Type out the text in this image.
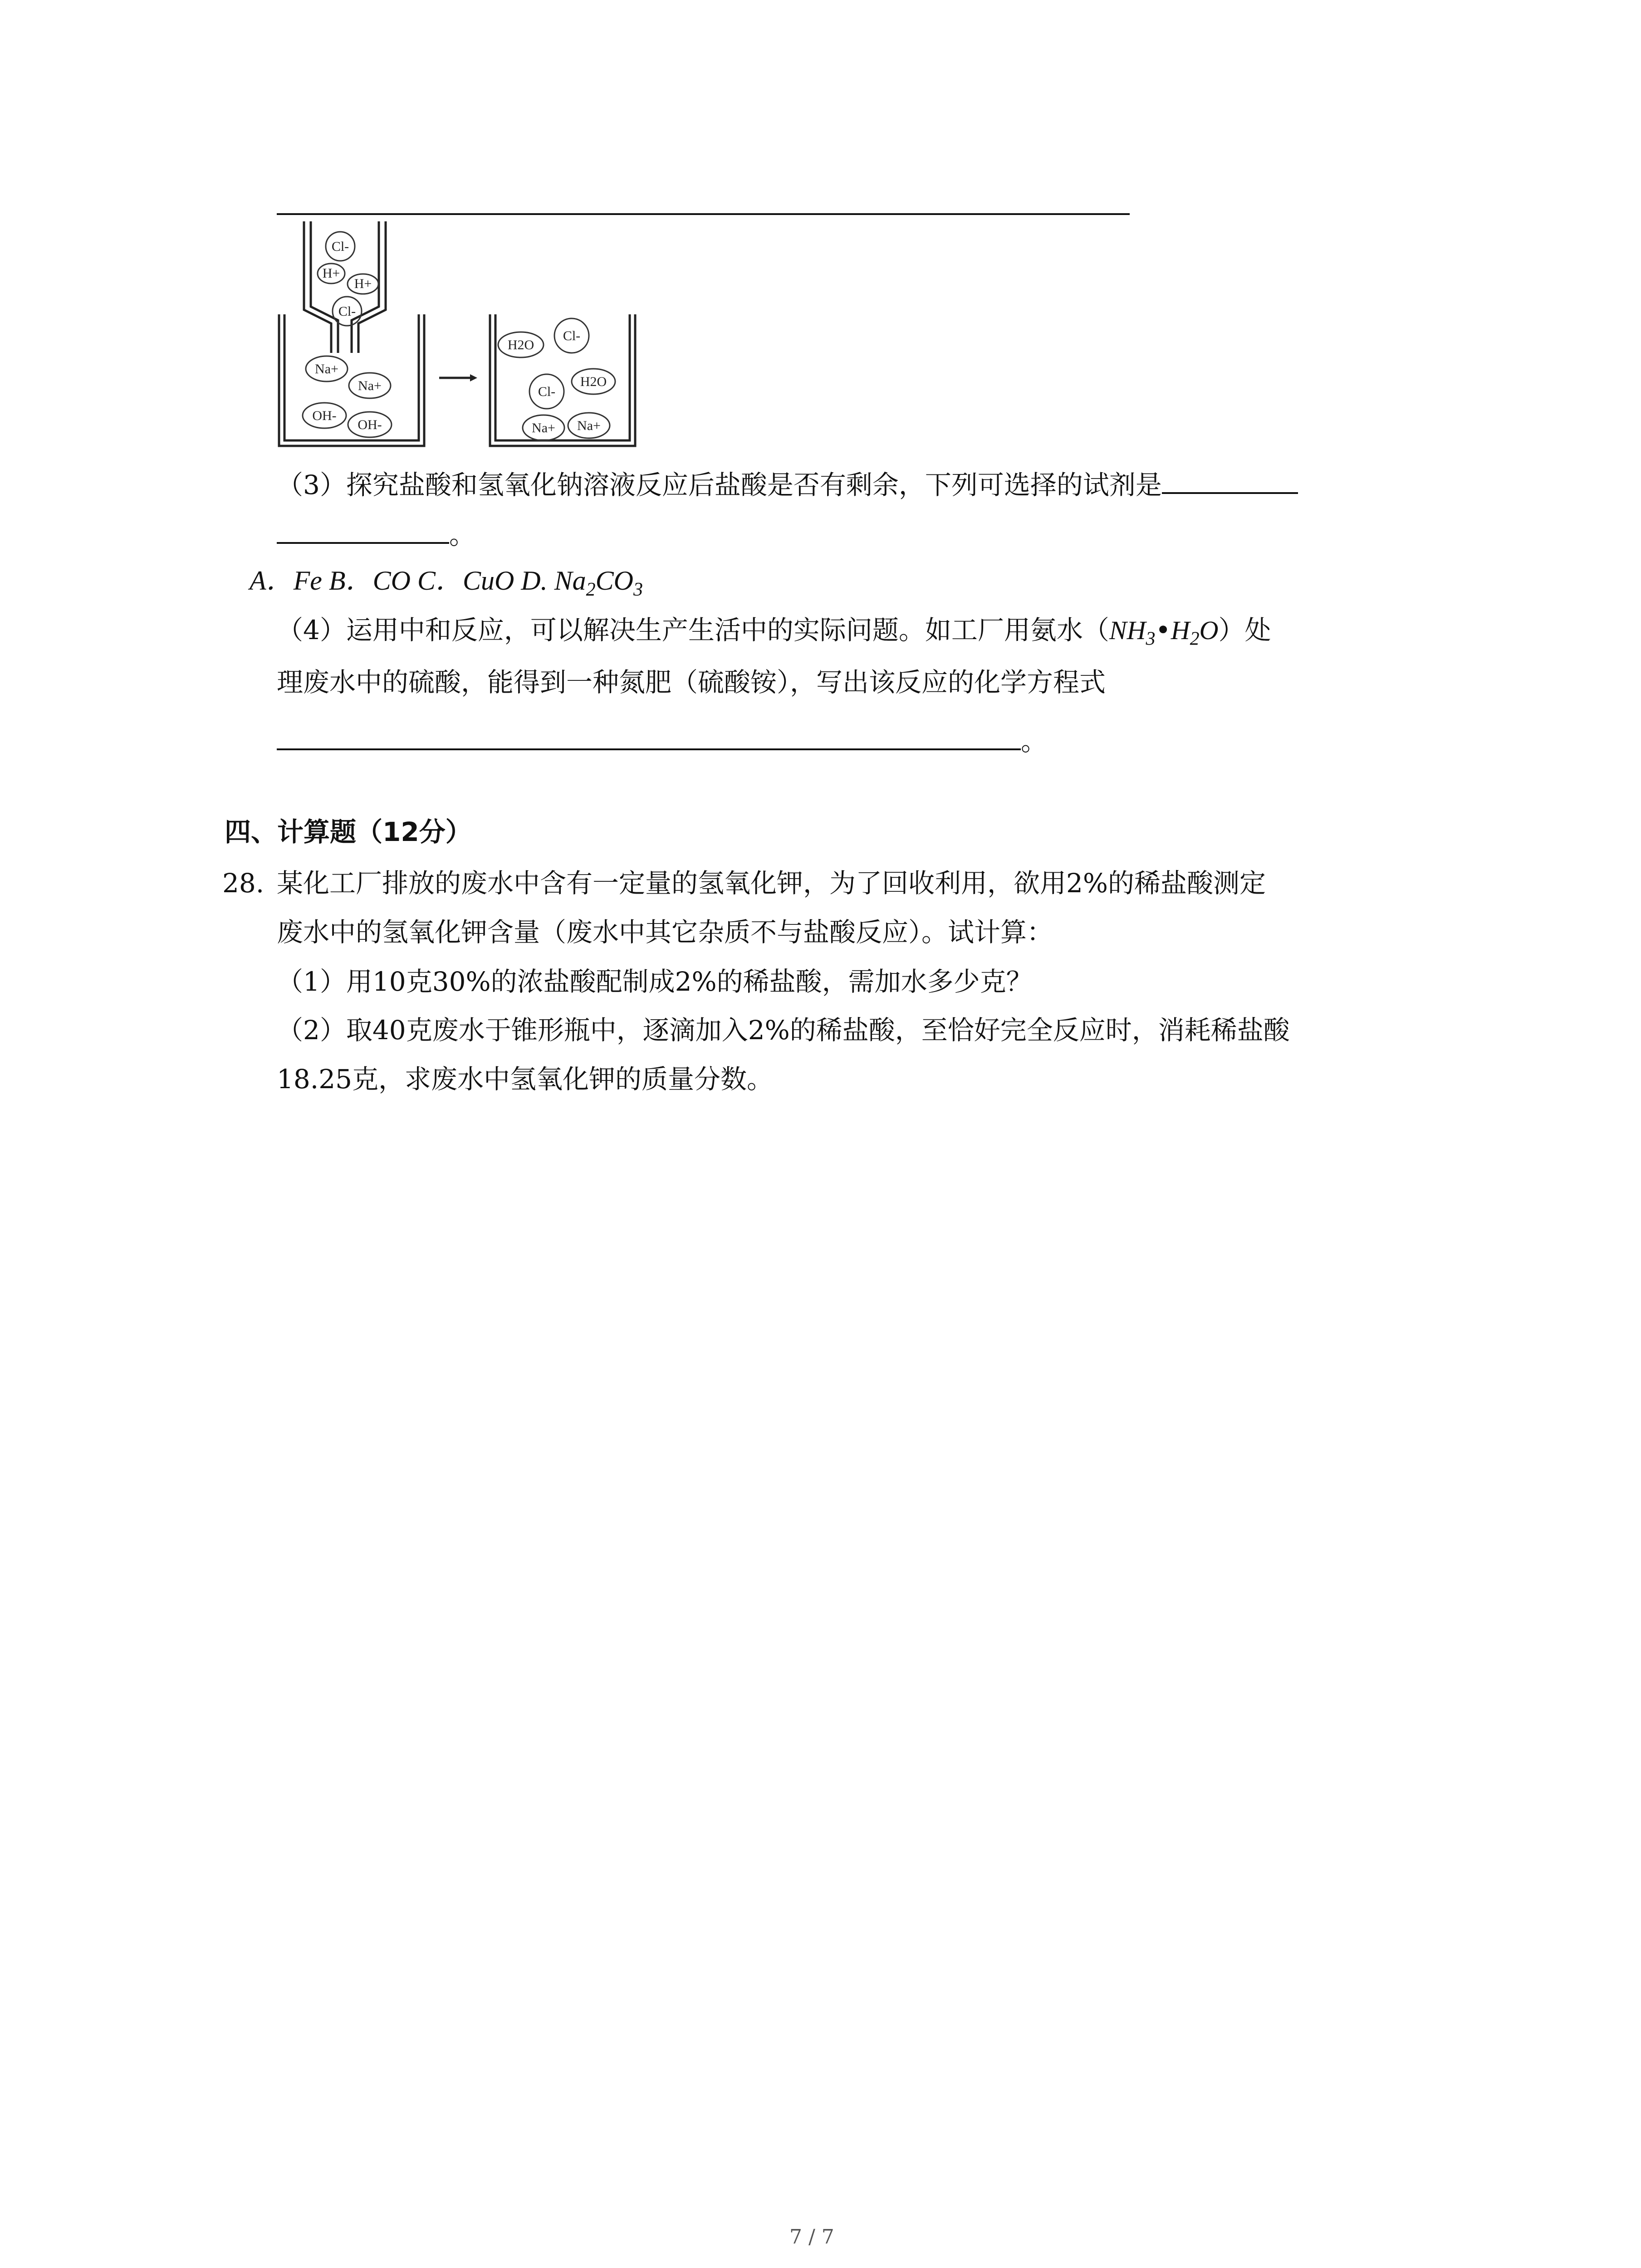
Cl-
H+
H+
Cl-
Na+
Na+
OH-
OH-
Cl-
H2O
Cl-
H2O
Na+ Na+
（3）探究盐酸和氢氧化钠溶液反应后盐酸是否有剩余，下列可选择的试剂是
。
A．Fe B．CO C．CuO D. $Na_2CO_3$
（4）运用中和反应，可以解决生产生活中的实际问题。如工厂用氨水$(NH_3•H_2O)$处
理废水中的硫酸，能得到一种氮肥（硫酸铵），写出该反应的化学方程式
。
四、计算题（12分）
28. 某化工厂排放的废水中含有一定量的氢氧化钾，为了回收利用，欲用2%的稀盐酸测定
废水中的氢氧化钾含量（废水中其它杂质不与盐酸反应）。试计算：
（1）用10克30%的浓盐酸配制成2%的稀盐酸，需加水多少克？
（2）取40克废水于锥形瓶中，逐滴加入2%的稀盐酸，至恰好完全反应时，消耗稀盐酸
18.25克，求废水中氢氧化钾的质量分数。
7 / 7
